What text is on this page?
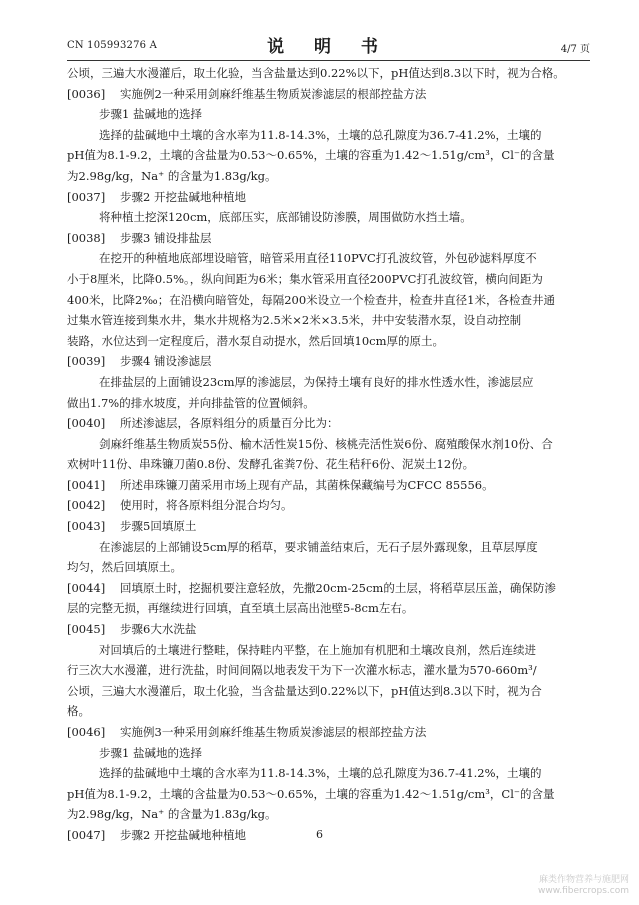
CN 105993276 A	说 明 书	4/7 页
公顷，三遍大水漫灌后，取土化验，当含盐量达到0.22%以下，pH值达到8.3以下时，视为合格。
[0036] 实施例2一种采用剑麻纤维基生物质炭渗滤层的根部控盐方法
步骤1 盐碱地的选择
选择的盐碱地中土壤的含水率为11.8-14.3%，土壤的总孔隙度为36.7-41.2%，土壤的
pH值为8.1-9.2，土壤的含盐量为0.53～0.65%，土壤的容重为1.42～1.51g/cm³，Cl⁻的含量
为2.98g/kg，Na⁺ 的含量为1.83g/kg。
[0037] 步骤2 开挖盐碱地种植地
将种植土挖深120cm，底部压实，底部铺设防渗膜，周围做防水挡土墙。
[0038] 步骤3 铺设排盐层
在挖开的种植地底部埋设暗管，暗管采用直径110PVC打孔波纹管，外包砂滤料厚度不
小于8厘米，比降0.5%。，纵向间距为6米；集水管采用直径200PVC打孔波纹管，横向间距为
400米，比降2‰；在沿横向暗管处，每隔200米设立一个检查井，检查井直径1米，各检查井通
过集水管连接到集水井，集水井规格为2.5米×2米×3.5米，井中安装潜水泵，设自动控制
装路，水位达到一定程度后，潜水泵自动提水，然后回填10cm厚的原土。
[0039] 步骤4 铺设渗滤层
在排盐层的上面铺设23cm厚的渗滤层，为保持土壤有良好的排水性透水性，渗滤层应
做出1.7%的排水坡度，并向排盐管的位置倾斜。
[0040] 所述渗滤层，各原料组分的质量百分比为：
剑麻纤维基生物质炭55份、榆木活性炭15份、核桃壳活性炭6份、腐殖酸保水剂10份、合
欢树叶11份、串珠镰刀菌0.8份、发酵孔雀粪7份、花生秸秆6份、泥炭土12份。
[0041] 所述串珠镰刀菌采用市场上现有产品，其菌株保藏编号为CFCC 85556。
[0042] 使用时，将各原料组分混合均匀。
[0043] 步骤5回填原土
在渗滤层的上部铺设5cm厚的稻草，要求铺盖结束后，无石子层外露现象，且草层厚度
均匀，然后回填原土。
[0044] 回填原土时，挖掘机要注意轻放，先撒20cm-25cm的土层，将稻草层压盖，确保防渗
层的完整无损，再继续进行回填，直至填土层高出池壁5-8cm左右。
[0045] 步骤6大水洗盐
对回填后的土壤进行整畦，保持畦内平整，在上施加有机肥和土壤改良剂，然后连续进
行三次大水漫灌，进行洗盐，时间间隔以地表发干为下一次灌水标志，灌水量为570-660m³/
公顷，三遍大水漫灌后，取土化验，当含盐量达到0.22%以下，pH值达到8.3以下时，视为合
格。
[0046] 实施例3一种采用剑麻纤维基生物质炭渗滤层的根部控盐方法
步骤1 盐碱地的选择
选择的盐碱地中土壤的含水率为11.8-14.3%，土壤的总孔隙度为36.7-41.2%，土壤的
pH值为8.1-9.2，土壤的含盐量为0.53～0.65%，土壤的容重为1.42～1.51g/cm³，Cl⁻的含量
为2.98g/kg，Na⁺ 的含量为1.83g/kg。
[0047] 步骤2 开挖盐碱地种植地	6
麻类作物营养与施肥网
www.fibercrops.com
